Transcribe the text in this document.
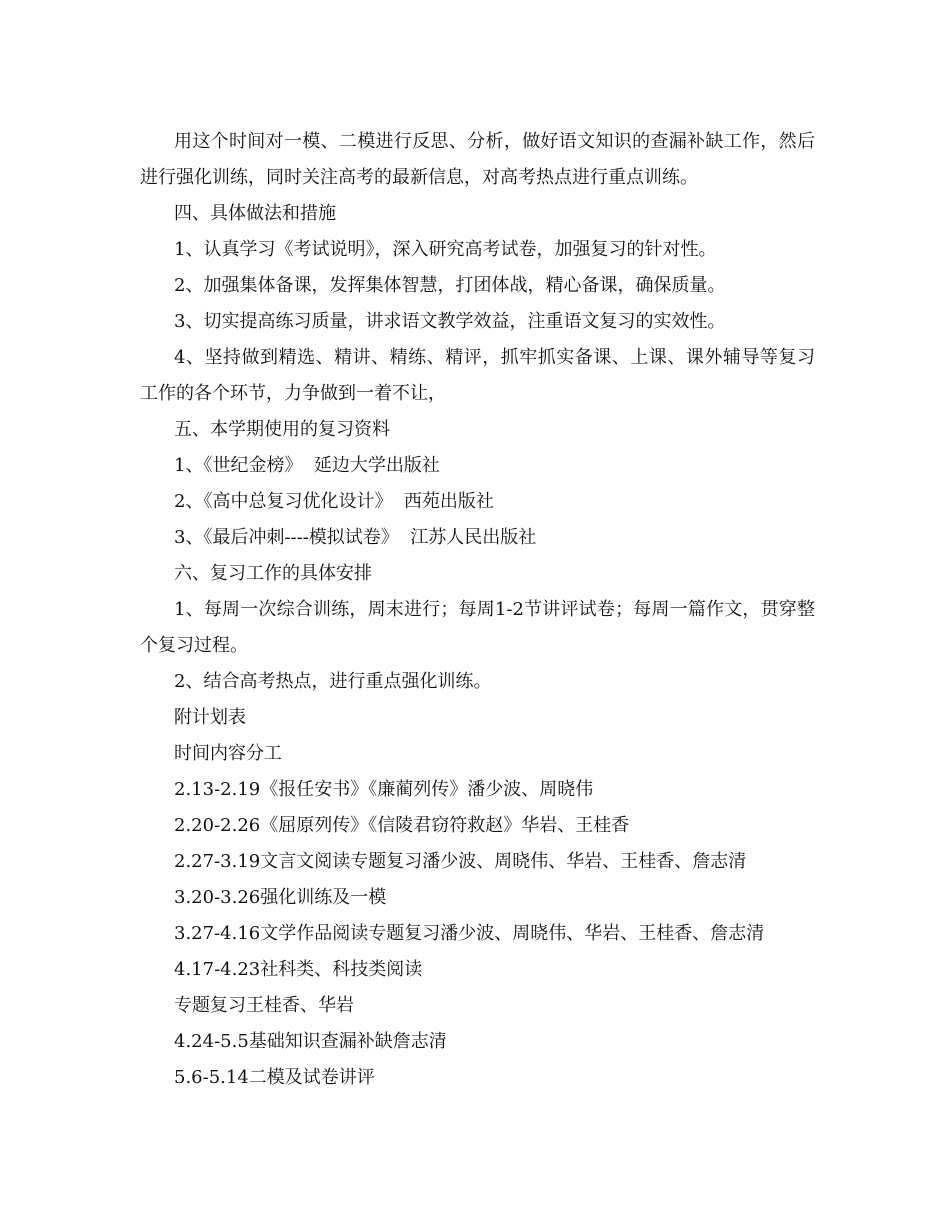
用这个时间对一模、二模进行反思、分析，做好语文知识的查漏补缺工作，然后进行强化训练，同时关注高考的最新信息，对高考热点进行重点训练。

四、具体做法和措施

1、认真学习《考试说明》，深入研究高考试卷，加强复习的针对性。

2、加强集体备课，发挥集体智慧，打团体战，精心备课，确保质量。

3、切实提高练习质量，讲求语文教学效益，注重语文复习的实效性。

4、坚持做到精选、精讲、精练、精评，抓牢抓实备课、上课、课外辅导等复习工作的各个环节，力争做到一着不让，

五、本学期使用的复习资料

1、《世纪金榜》  延边大学出版社

2、《高中总复习优化设计》  西苑出版社

3、《最后冲刺----模拟试卷》  江苏人民出版社

六、复习工作的具体安排

1、每周一次综合训练，周末进行；每周1-2节讲评试卷；每周一篇作文，贯穿整个复习过程。

2、结合高考热点，进行重点强化训练。

附计划表

时间内容分工

2.13-2.19《报任安书》《廉蔺列传》潘少波、周晓伟

2.20-2.26《屈原列传》《信陵君窃符救赵》华岩、王桂香

2.27-3.19文言文阅读专题复习潘少波、周晓伟、华岩、王桂香、詹志清

3.20-3.26强化训练及一模

3.27-4.16文学作品阅读专题复习潘少波、周晓伟、华岩、王桂香、詹志清

4.17-4.23社科类、科技类阅读

专题复习王桂香、华岩

4.24-5.5基础知识查漏补缺詹志清

5.6-5.14二模及试卷讲评
